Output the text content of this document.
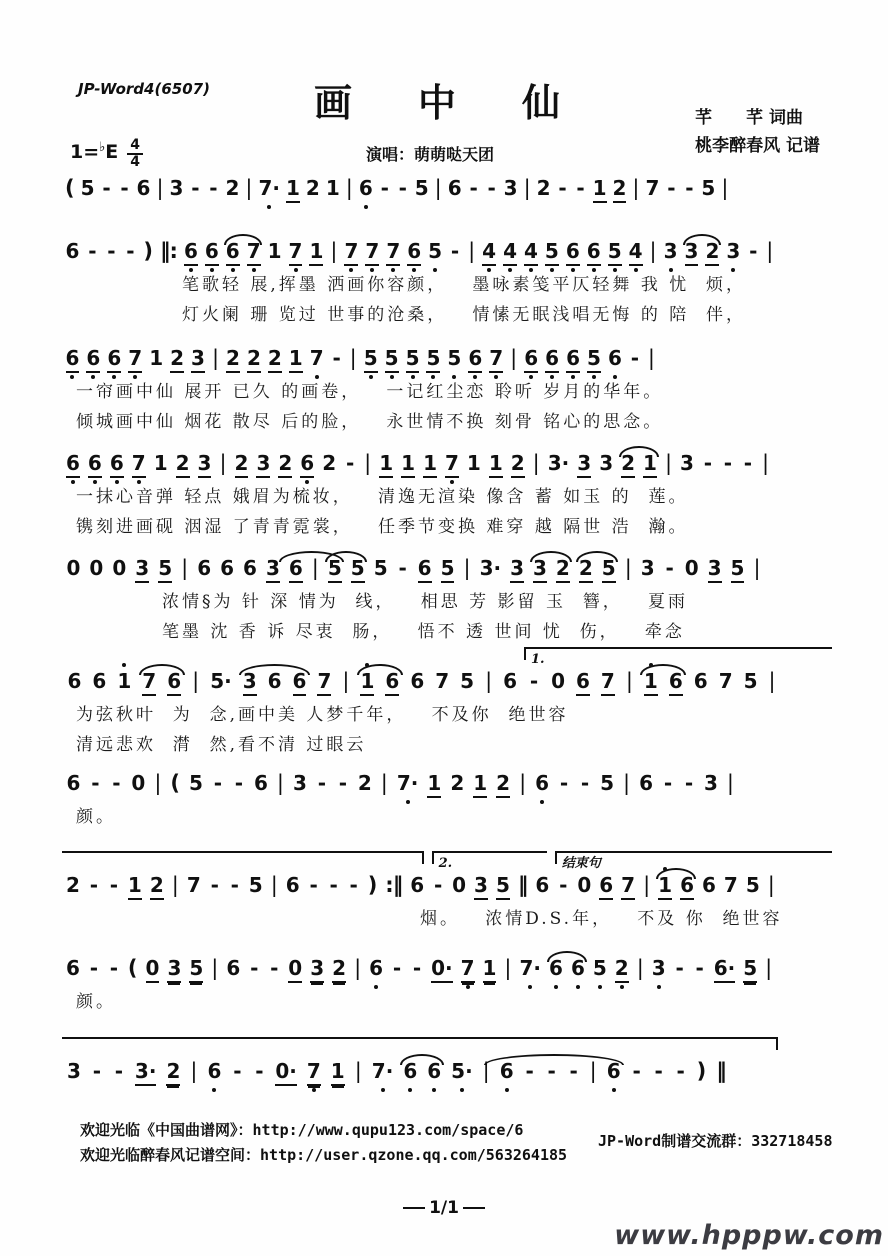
JP-Word4(6507)	画　中　仙	芊　　芊 词曲
桃李醉春风 记谱
$1=^♭E \frac{4}{4}$	演唱：萌萌哒天团
( 5 - - 6 | 3 - - 2 | 7· 1 2 1 | 6 - - 5 | 6 - - 3 | 2 - - 1 2 | 7 - - 5 |
6 - - - ) ‖: 6 6 6 7 1 7 1 | 7 7 7 6 5 - | 4 4 4 5 6 6 5 4 | 3 3 2 3 - |
笔歌轻 展,挥墨 洒画你容颜，   墨咏素笺平仄轻舞 我 忧  烦，
灯火阑 珊 览过 世事的沧桑，   情愫无眠浅唱无悔 的 陪  伴，
6 6 6 7 1 2 3 | 2 2 2 1 7 - | 5 5 5 5 5 6 7 | 6 6 6 5 6 - |
一帘画中仙 展开 已久 的画卷，   一记红尘恋 聆听 岁月的华年。
倾城画中仙 烟花 散尽 后的脸，   永世情不换 刻骨 铭心的思念。
6 6 6 7 1 2 3 | 2 3 2 6 2 - | 1 1 1 7 1 1 2 | 3· 3 3 2 1 | 3 - - - |
一抹心音弹 轻点 娥眉为梳妆，   清逸无渲染 像含 蓄 如玉 的  莲。
镌刻进画砚 洇湿 了青青霓裳，   任季节变换 难穿 越 隔世 浩  瀚。
0 0 0 3 5 | 6 6 6 3 6 | 5 5 5 - 6 5 | 3· 3 3 2 2 5 | 3 - 0 3 5 |
浓情§为 针 深 情为  线，   相思 芳 影留 玉  簪，   夏雨
笔墨 沈 香 诉 尽衷  肠，   悟不 透 世间 忧  伤，   牵念
1.
6 6 1 7 6 | 5· 3 6 6 7 | 1 6 6 7 5 | 6 - 0 6 7 | 1 6 6 7 5 |
为弦秋叶  为  念,画中美 人梦千年，   不及你  绝世容
清远悲欢  潸  然,看不清 过眼云
6 - - 0 | ( 5 - - 6 | 3 - - 2 | 7· 1 2 1 2 | 6 - - 5 | 6 - - 3 |
颜。
2.	结束句
2 - - 1 2 | 7 - - 5 | 6 - - - ) :‖ 6 - 0 3 5 ‖ 6 - 0 6 7 | 1 6 6 7 5 |
烟。   浓情D.S.年，   不及 你  绝世容
6 - - ( 0 3 5 | 6 - - 0 3 2 | 6 - - 0· 7 1 | 7· 6 6 5 2 | 3 - - 6· 5 |
颜。
3 - - 3· 2 | 6 - - 0· 7 1 | 7· 6 6 5· | 6 - - - | 6 - - - ) ‖
欢迎光临《中国曲谱网》：http://www.qupu123.com/space/6
欢迎光临醉春风记谱空间：http://user.qzone.qq.com/563264185
JP-Word制谱交流群：332718458
1/1
www.hpppw.com
